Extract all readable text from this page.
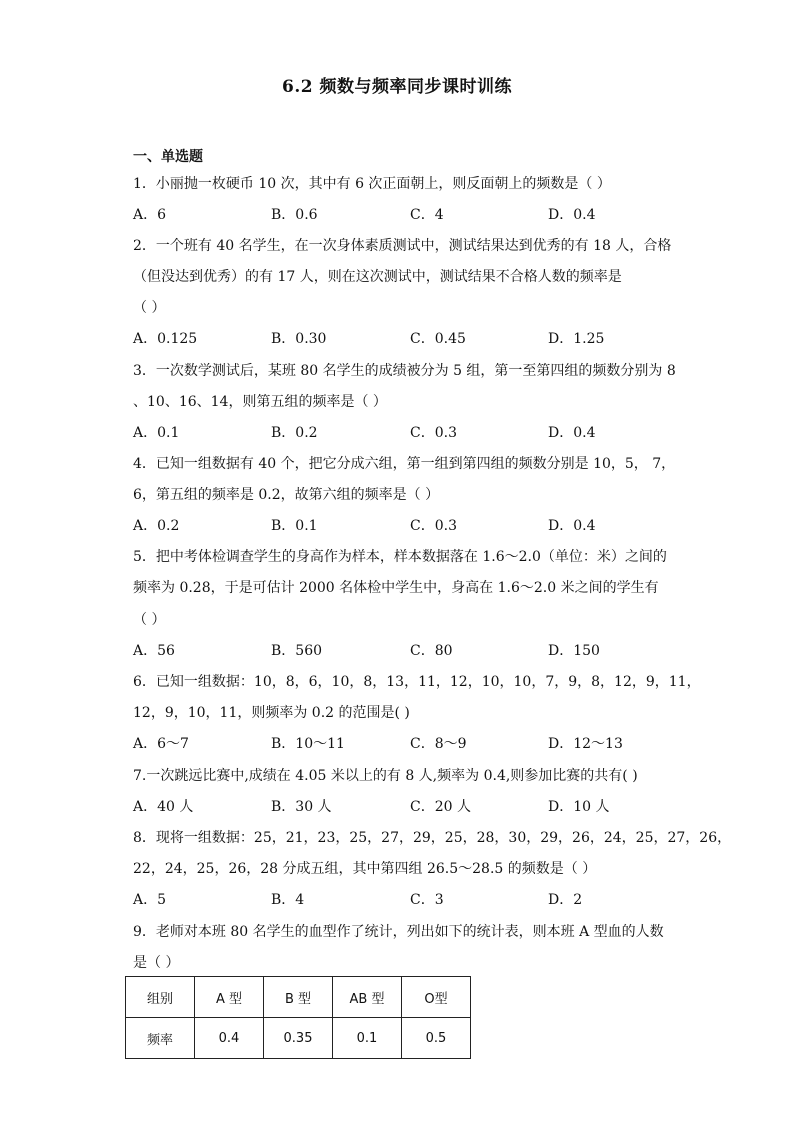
6.2 频数与频率同步课时训练
一、单选题
1．小丽抛一枚硬币 10 次，其中有 6 次正面朝上，则反面朝上的频数是（ ）
A．6	B．0.6	C．4	D．0.4
2．一个班有 40 名学生，在一次身体素质测试中，测试结果达到优秀的有 18 人，合格
（但没达到优秀）的有 17 人，则在这次测试中，测试结果不合格人数的频率是
（ ）
A．0.125	B．0.30	C．0.45	D．1.25
3．一次数学测试后，某班 80 名学生的成绩被分为 5 组，第一至第四组的频数分别为 8
、10、16、14，则第五组的频率是（ ）
A．0.1	B．0.2	C．0.3	D．0.4
4．已知一组数据有 40 个，把它分成六组，第一组到第四组的频数分别是 10，5， 7，
6，第五组的频率是 0.2，故第六组的频率是（ ）
A．0.2	B．0.1	C．0.3	D．0.4
5．把中考体检调查学生的身高作为样本，样本数据落在 1.6～2.0（单位：米）之间的
频率为 0.28，于是可估计 2000 名体检中学生中，身高在 1.6～2.0 米之间的学生有
（ ）
A．56	B．560	C．80	D．150
6．已知一组数据：10，8，6，10，8，13，11，12，10，10，7，9，8，12，9，11，
12，9，10，11，则频率为 0.2 的范围是( )
A．6～7	B．10～11	C．8～9	D．12～13
7.一次跳远比赛中,成绩在 4.05 米以上的有 8 人,频率为 0.4,则参加比赛的共有( )
A．40 人	B．30 人	C．20 人	D．10 人
8．现将一组数据：25，21，23，25，27，29，25，28，30，29，26，24，25，27，26，
22，24，25，26，28 分成五组，其中第四组 26.5～28.5 的频数是（ ）
A．5	B．4	C．3	D．2
9．老师对本班 80 名学生的血型作了统计，列出如下的统计表，则本班 A 型血的人数
是（ ）
组别	A 型	B 型	AB 型	O型
频率	0.4	0.35	0.1	0.5
